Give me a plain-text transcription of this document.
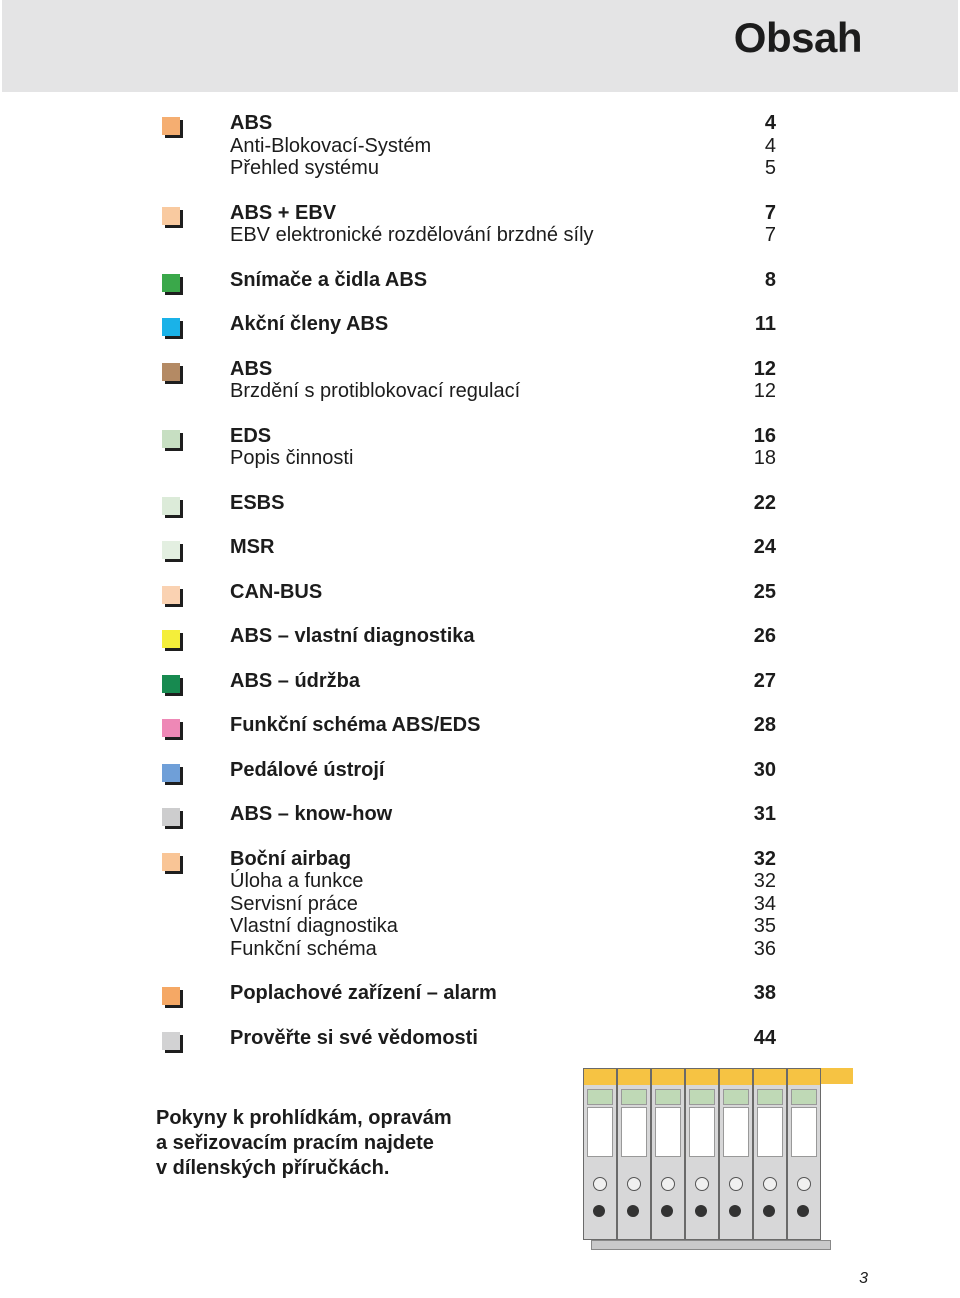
Obsah
ABS	4
Anti-Blokovací-Systém	4
Přehled systému	5
ABS + EBV	7
EBV elektronické rozdělování brzdné síly	7
Snímače a čidla ABS	8
Akční členy ABS	11
ABS	12
Brzdění s protiblokovací regulací	12
EDS	16
Popis činnosti	18
ESBS	22
MSR	24
CAN-BUS	25
ABS – vlastní diagnostika	26
ABS – údržba	27
Funkční schéma ABS/EDS	28
Pedálové ústrojí	30
ABS – know-how	31
Boční airbag	32
Úloha a funkce	32
Servisní práce	34
Vlastní diagnostika	35
Funkční schéma	36
Poplachové zařízení – alarm	38
Prověřte si své vědomosti	44
Pokyny k prohlídkám, opravám
a seřizovacím pracím najdete
v dílenských příručkách.
3
